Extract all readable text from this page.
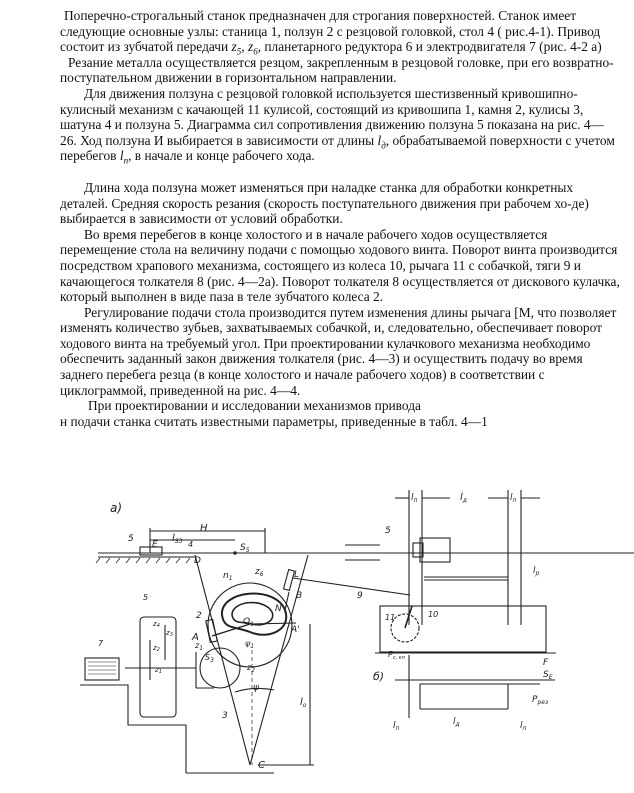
Поперечно-строгальный станок предназначен для строгания поверхностей. Станок имеет следующие основные узлы: станица 1, ползун 2 с резцовой головкой, стол 4 ( рис.4-1). Привод состоит из зубчатой передачи $z_5$, $z_6$, планетарного редуктора 6 и электродвигателя 7 (рис. 4-2 а)

Резание металла осуществляется резцом, закрепленным в резцовой головке, при его возвратно-поступательном движении в горизонтальном направлении.

Для движения ползуна с резцовой головкой используется шестизвенный кривошипно-кулисный механизм с качающей 11 кулисой, состоящий из кривошипа 1, камня 2, кулисы 3, шатуна 4 и ползуна 5. Диаграмма сил сопротивления движению ползуна 5 показана на рис. 4—26. Ход ползуна И выбирается в зависимости от длины $l_д$, обрабатываемой поверхности с учетом перебегов $l_п$, в начале и конце рабочего хода.

Длина хода ползуна может изменяться при наладке станка для обработки конкретных деталей. Средняя скорость резания (скорость поступательного движения при рабочем хо-де) выбирается в зависимости от условий обработки.

Во время перебегов в конце холостого и в начале рабочего ходов осуществляется перемещение стола на величину подачи с помощью ходового винта. Поворот винта производится посредством храпового механизма, состоящего из колеса 10, рычага 11 с собачкой, тяги 9 и качающегося толкателя 8 (рис. 4—2а). Поворот толкателя 8 осуществляется от дискового кулачка, который выполнен в виде паза в теле зубчатого колеса 2.

Регулирование подачи стола производится путем изменения длины рычага [М, что позволяет изменять количество зубьев, захватываемых собачкой, и, следовательно, обеспечивает поворот ходового винта на требуемый угол. При проектировании кулачкового механизма необходимо обеспечить заданный закон движения толкателя (рис. 4—3) и осуществить подачу во время заднего перебега резца (в конце холостого и начале рабочего ходов) в соответствии с циклограммой, приведенной на рис. 4—4.

При проектировании и исследовании механизмов привода

н подачи станка считать известными параметры, приведенные в табл. 4—1

а)
5
E
H
$l_{S3}$ 4	$S_5$
D
$O_1$
$n_1$
$z_6$
A
2
A'
$\psi_1$
$S_3$
$z_2$
$z_1$
ψ
3
C
$l_o$
L
B
N
9
5
z4
z3
z2
z1
7
5
$l_п$	$l_д$	$l_п$
$l_р$
11	10
б)
$P_{c, кп}$	F
$S_E$
$P_{рез}$
$l_п$
$l_д$	$l_п$
